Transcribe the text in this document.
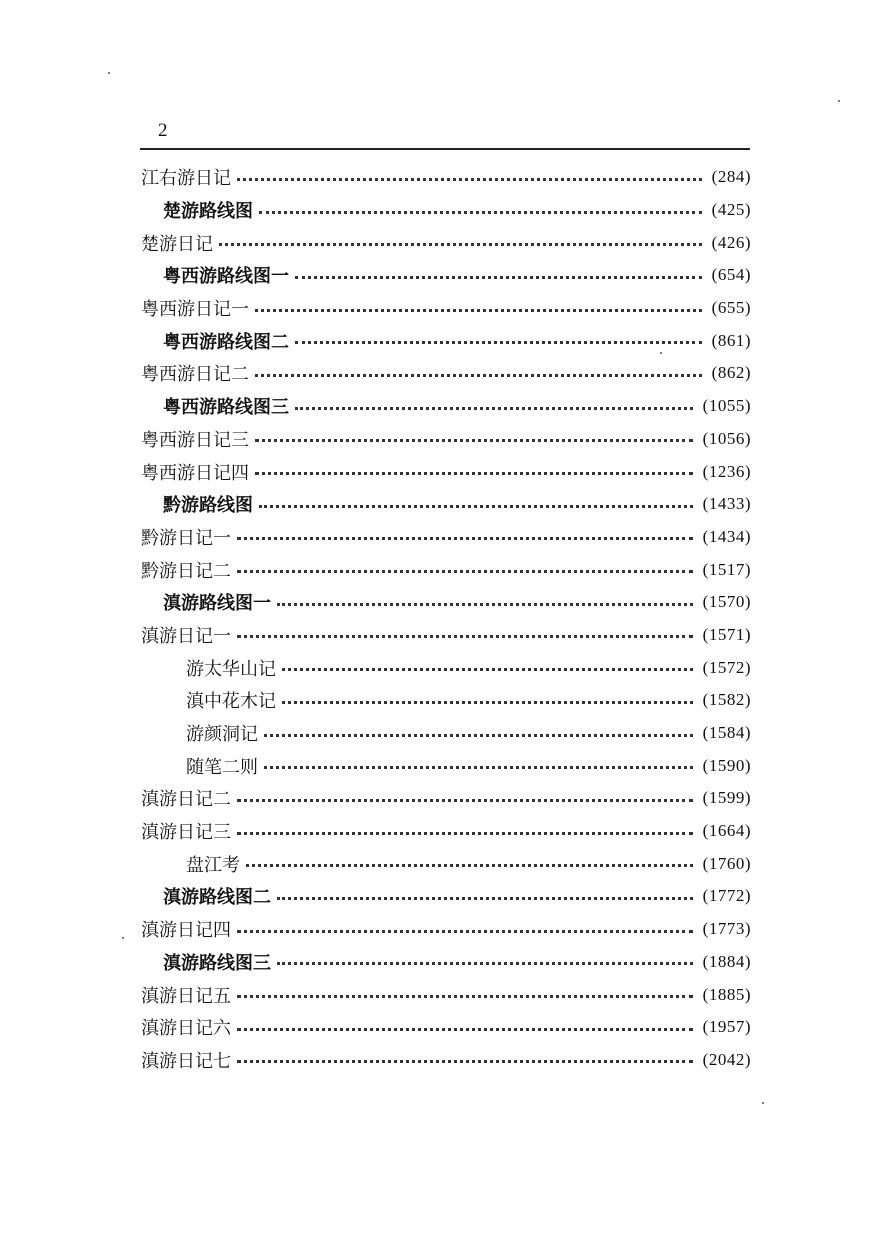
2
江右游日记	(284)
楚游路线图	(425)
楚游日记	(426)
粤西游路线图一	(654)
粤西游日记一	(655)
粤西游路线图二	(861)
粤西游日记二	(862)
粤西游路线图三	(1055)
粤西游日记三	(1056)
粤西游日记四	(1236)
黔游路线图	(1433)
黔游日记一	(1434)
黔游日记二	(1517)
滇游路线图一	(1570)
滇游日记一	(1571)
游太华山记	(1572)
滇中花木记	(1582)
游颜洞记	(1584)
随笔二则	(1590)
滇游日记二	(1599)
滇游日记三	(1664)
盘江考	(1760)
滇游路线图二	(1772)
滇游日记四	(1773)
滇游路线图三	(1884)
滇游日记五	(1885)
滇游日记六	(1957)
滇游日记七	(2042)
